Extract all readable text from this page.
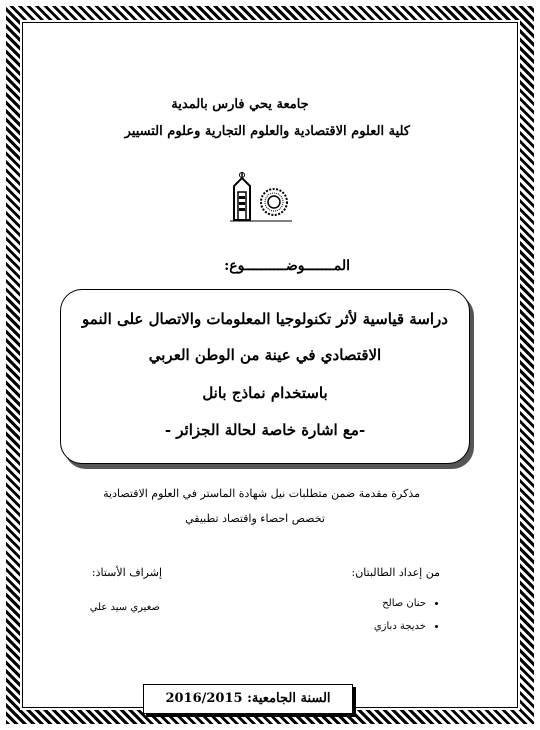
جامعة يحي فارس بالمدية
كلية العلوم الاقتصادية والعلوم التجارية وعلوم التسيير
المـــــــوضــــــــــوع:
دراسة قياسية لأثر تكنولوجيا المعلومات والاتصال على النمو
الاقتصادي في عينة من الوطن العربي
باستخدام نماذج بانل
-مع اشارة خاصة لحالة الجزائر -
مذكرة مقدمة ضمن متطلبات نيل شهادة الماستر في العلوم الاقتصادية
تخصص احصاء واقتصاد تطبيقي
من إعداد الطالبتان:
إشراف الأستاذ:
• حنان صالح
• خديجة دبازي
صغيري سيد علي
السنة الجامعية: 2016/2015
